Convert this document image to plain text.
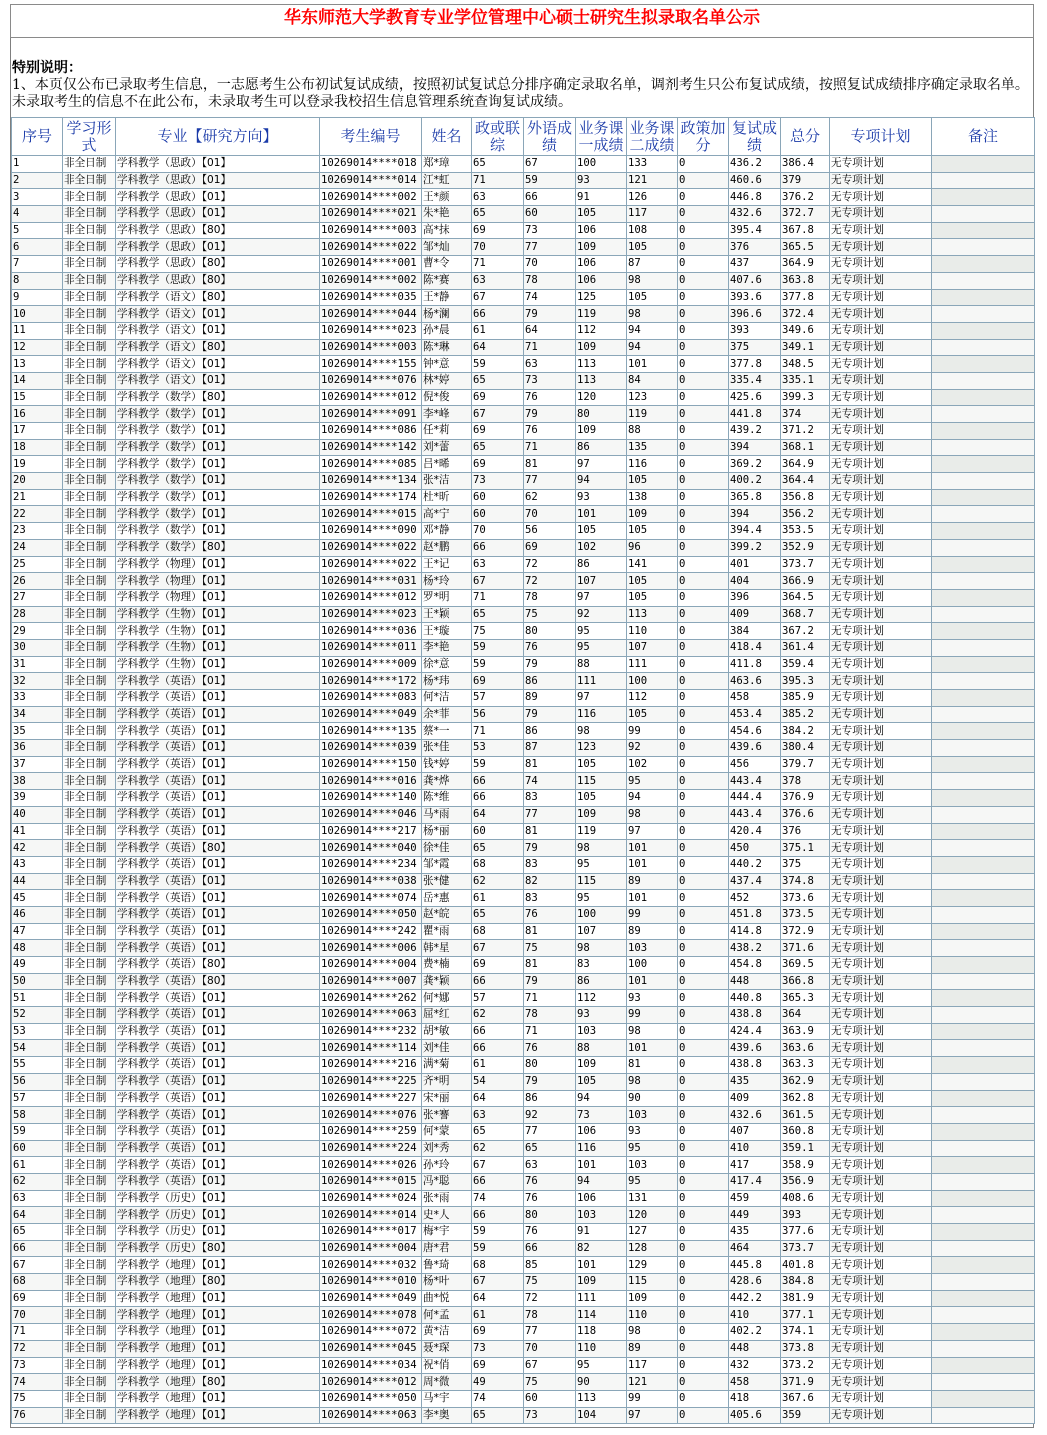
华东师范大学教育专业学位管理中心硕士研究生拟录取名单公示
特别说明：
1、本页仅公布已录取考生信息，一志愿考生公布初试复试成绩，按照初试复试总分排序确定录取名单，调剂考生只公布复试成绩，按照复试成绩排序确定录取名单。未录取考生的信息不在此公布，未录取考生可以登录我校招生信息管理系统查询复试成绩。
序号	学习形式	专业【研究方向】	考生编号	姓名	政或联综	外语成绩	业务课一成绩	业务课二成绩	政策加分	复试成绩	总分	专项计划	备注
1	非全日制	学科教学（思政）【01】	10269014****018	郑*璋	65	67	100	133	0	436.2	386.4	无专项计划	
2	非全日制	学科教学（思政）【01】	10269014****014	江*虹	71	59	93	121	0	460.6	379	无专项计划	
3	非全日制	学科教学（思政）【01】	10269014****002	王*颜	63	66	91	126	0	446.8	376.2	无专项计划	
4	非全日制	学科教学（思政）【01】	10269014****021	朱*艳	65	60	105	117	0	432.6	372.7	无专项计划	
5	非全日制	学科教学（思政）【80】	10269014****003	高*抹	69	73	106	108	0	395.4	367.8	无专项计划	
6	非全日制	学科教学（思政）【01】	10269014****022	邹*灿	70	77	109	105	0	376	365.5	无专项计划	
7	非全日制	学科教学（思政）【80】	10269014****001	曹*令	71	70	106	87	0	437	364.9	无专项计划	
8	非全日制	学科教学（思政）【80】	10269014****002	陈*赛	63	78	106	98	0	407.6	363.8	无专项计划	
9	非全日制	学科教学（语文）【80】	10269014****035	王*静	67	74	125	105	0	393.6	377.8	无专项计划	
10	非全日制	学科教学（语文）【01】	10269014****044	杨*澜	66	79	119	98	0	396.6	372.4	无专项计划	
11	非全日制	学科教学（语文）【01】	10269014****023	孙*晨	61	64	112	94	0	393	349.6	无专项计划	
12	非全日制	学科教学（语文）【80】	10269014****003	陈*琳	64	71	109	94	0	375	349.1	无专项计划	
13	非全日制	学科教学（语文）【01】	10269014****155	钟*意	59	63	113	101	0	377.8	348.5	无专项计划	
14	非全日制	学科教学（语文）【01】	10269014****076	林*婷	65	73	113	84	0	335.4	335.1	无专项计划	
15	非全日制	学科教学（数学）【80】	10269014****012	倪*俊	69	76	120	123	0	425.6	399.3	无专项计划	
16	非全日制	学科教学（数学）【01】	10269014****091	李*峰	67	79	80	119	0	441.8	374	无专项计划	
17	非全日制	学科教学（数学）【01】	10269014****086	任*莉	69	76	109	88	0	439.2	371.2	无专项计划	
18	非全日制	学科教学（数学）【01】	10269014****142	刘*蕾	65	71	86	135	0	394	368.1	无专项计划	
19	非全日制	学科教学（数学）【01】	10269014****085	吕*晞	69	81	97	116	0	369.2	364.9	无专项计划	
20	非全日制	学科教学（数学）【01】	10269014****134	张*洁	73	77	94	105	0	400.2	364.4	无专项计划	
21	非全日制	学科教学（数学）【01】	10269014****174	杜*昕	60	62	93	138	0	365.8	356.8	无专项计划	
22	非全日制	学科教学（数学）【01】	10269014****015	高*宁	60	70	101	109	0	394	356.2	无专项计划	
23	非全日制	学科教学（数学）【01】	10269014****090	邓*静	70	56	105	105	0	394.4	353.5	无专项计划	
24	非全日制	学科教学（数学）【80】	10269014****022	赵*鹏	66	69	102	96	0	399.2	352.9	无专项计划	
25	非全日制	学科教学（物理）【01】	10269014****022	王*记	63	72	86	141	0	401	373.7	无专项计划	
26	非全日制	学科教学（物理）【01】	10269014****031	杨*玲	67	72	107	105	0	404	366.9	无专项计划	
27	非全日制	学科教学（物理）【01】	10269014****012	罗*明	71	78	97	105	0	396	364.5	无专项计划	
28	非全日制	学科教学（生物）【01】	10269014****023	王*颖	65	75	92	113	0	409	368.7	无专项计划	
29	非全日制	学科教学（生物）【01】	10269014****036	王*璇	75	80	95	110	0	384	367.2	无专项计划	
30	非全日制	学科教学（生物）【01】	10269014****011	李*艳	59	76	95	107	0	418.4	361.4	无专项计划	
31	非全日制	学科教学（生物）【01】	10269014****009	徐*意	59	79	88	111	0	411.8	359.4	无专项计划	
32	非全日制	学科教学（英语）【01】	10269014****172	杨*玮	69	86	111	100	0	463.6	395.3	无专项计划	
33	非全日制	学科教学（英语）【01】	10269014****083	何*洁	57	89	97	112	0	458	385.9	无专项计划	
34	非全日制	学科教学（英语）【01】	10269014****049	余*菲	56	79	116	105	0	453.4	385.2	无专项计划	
35	非全日制	学科教学（英语）【01】	10269014****135	蔡*一	71	86	98	99	0	454.6	384.2	无专项计划	
36	非全日制	学科教学（英语）【01】	10269014****039	张*佳	53	87	123	92	0	439.6	380.4	无专项计划	
37	非全日制	学科教学（英语）【01】	10269014****150	钱*婷	59	81	105	102	0	456	379.7	无专项计划	
38	非全日制	学科教学（英语）【01】	10269014****016	龚*烨	66	74	115	95	0	443.4	378	无专项计划	
39	非全日制	学科教学（英语）【01】	10269014****140	陈*维	66	83	105	94	0	444.4	376.9	无专项计划	
40	非全日制	学科教学（英语）【01】	10269014****046	马*雨	64	77	109	98	0	443.4	376.6	无专项计划	
41	非全日制	学科教学（英语）【01】	10269014****217	杨*丽	60	81	119	97	0	420.4	376	无专项计划	
42	非全日制	学科教学（英语）【80】	10269014****040	徐*佳	65	79	98	101	0	450	375.1	无专项计划	
43	非全日制	学科教学（英语）【01】	10269014****234	邹*霞	68	83	95	101	0	440.2	375	无专项计划	
44	非全日制	学科教学（英语）【01】	10269014****038	张*健	62	82	115	89	0	437.4	374.8	无专项计划	
45	非全日制	学科教学（英语）【01】	10269014****074	岳*惠	61	83	95	101	0	452	373.6	无专项计划	
46	非全日制	学科教学（英语）【01】	10269014****050	赵*皖	65	76	100	99	0	451.8	373.5	无专项计划	
47	非全日制	学科教学（英语）【01】	10269014****242	瞿*雨	68	81	107	89	0	414.8	372.9	无专项计划	
48	非全日制	学科教学（英语）【01】	10269014****006	韩*星	67	75	98	103	0	438.2	371.6	无专项计划	
49	非全日制	学科教学（英语）【80】	10269014****004	费*楠	69	81	83	100	0	454.8	369.5	无专项计划	
50	非全日制	学科教学（英语）【80】	10269014****007	龚*颖	66	79	86	101	0	448	366.8	无专项计划	
51	非全日制	学科教学（英语）【01】	10269014****262	何*娜	57	71	112	93	0	440.8	365.3	无专项计划	
52	非全日制	学科教学（英语）【01】	10269014****063	屈*红	62	78	93	99	0	438.8	364	无专项计划	
53	非全日制	学科教学（英语）【01】	10269014****232	胡*敏	66	71	103	98	0	424.4	363.9	无专项计划	
54	非全日制	学科教学（英语）【01】	10269014****114	刘*佳	66	76	88	101	0	439.6	363.6	无专项计划	
55	非全日制	学科教学（英语）【01】	10269014****216	满*菊	61	80	109	81	0	438.8	363.3	无专项计划	
56	非全日制	学科教学（英语）【01】	10269014****225	齐*明	54	79	105	98	0	435	362.9	无专项计划	
57	非全日制	学科教学（英语）【01】	10269014****227	宋*丽	64	86	94	90	0	409	362.8	无专项计划	
58	非全日制	学科教学（英语）【01】	10269014****076	张*謇	63	92	73	103	0	432.6	361.5	无专项计划	
59	非全日制	学科教学（英语）【01】	10269014****259	何*蒙	65	77	106	93	0	407	360.8	无专项计划	
60	非全日制	学科教学（英语）【01】	10269014****224	刘*秀	62	65	116	95	0	410	359.1	无专项计划	
61	非全日制	学科教学（英语）【01】	10269014****026	孙*玲	67	63	101	103	0	417	358.9	无专项计划	
62	非全日制	学科教学（英语）【01】	10269014****015	冯*聪	66	76	94	95	0	417.4	356.9	无专项计划	
63	非全日制	学科教学（历史）【01】	10269014****024	张*雨	74	76	106	131	0	459	408.6	无专项计划	
64	非全日制	学科教学（历史）【01】	10269014****014	史*人	66	80	103	120	0	449	393	无专项计划	
65	非全日制	学科教学（历史）【01】	10269014****017	梅*宇	59	76	91	127	0	435	377.6	无专项计划	
66	非全日制	学科教学（历史）【80】	10269014****004	唐*君	59	66	82	128	0	464	373.7	无专项计划	
67	非全日制	学科教学（地理）【01】	10269014****032	鲁*琦	68	85	101	129	0	445.8	401.8	无专项计划	
68	非全日制	学科教学（地理）【80】	10269014****010	杨*叶	67	75	109	115	0	428.6	384.8	无专项计划	
69	非全日制	学科教学（地理）【01】	10269014****049	曲*悦	64	72	111	109	0	442.2	381.9	无专项计划	
70	非全日制	学科教学（地理）【01】	10269014****078	何*孟	61	78	114	110	0	410	377.1	无专项计划	
71	非全日制	学科教学（地理）【01】	10269014****072	黄*洁	69	77	118	98	0	402.2	374.1	无专项计划	
72	非全日制	学科教学（地理）【01】	10269014****045	聂*琛	73	70	110	89	0	448	373.8	无专项计划	
73	非全日制	学科教学（地理）【01】	10269014****034	祝*俏	69	67	95	117	0	432	373.2	无专项计划	
74	非全日制	学科教学（地理）【80】	10269014****012	周*微	49	75	90	121	0	458	371.9	无专项计划	
75	非全日制	学科教学（地理）【01】	10269014****050	马*宇	74	60	113	99	0	418	367.6	无专项计划	
76	非全日制	学科教学（地理）【01】	10269014****063	李*奥	65	73	104	97	0	405.6	359	无专项计划	
